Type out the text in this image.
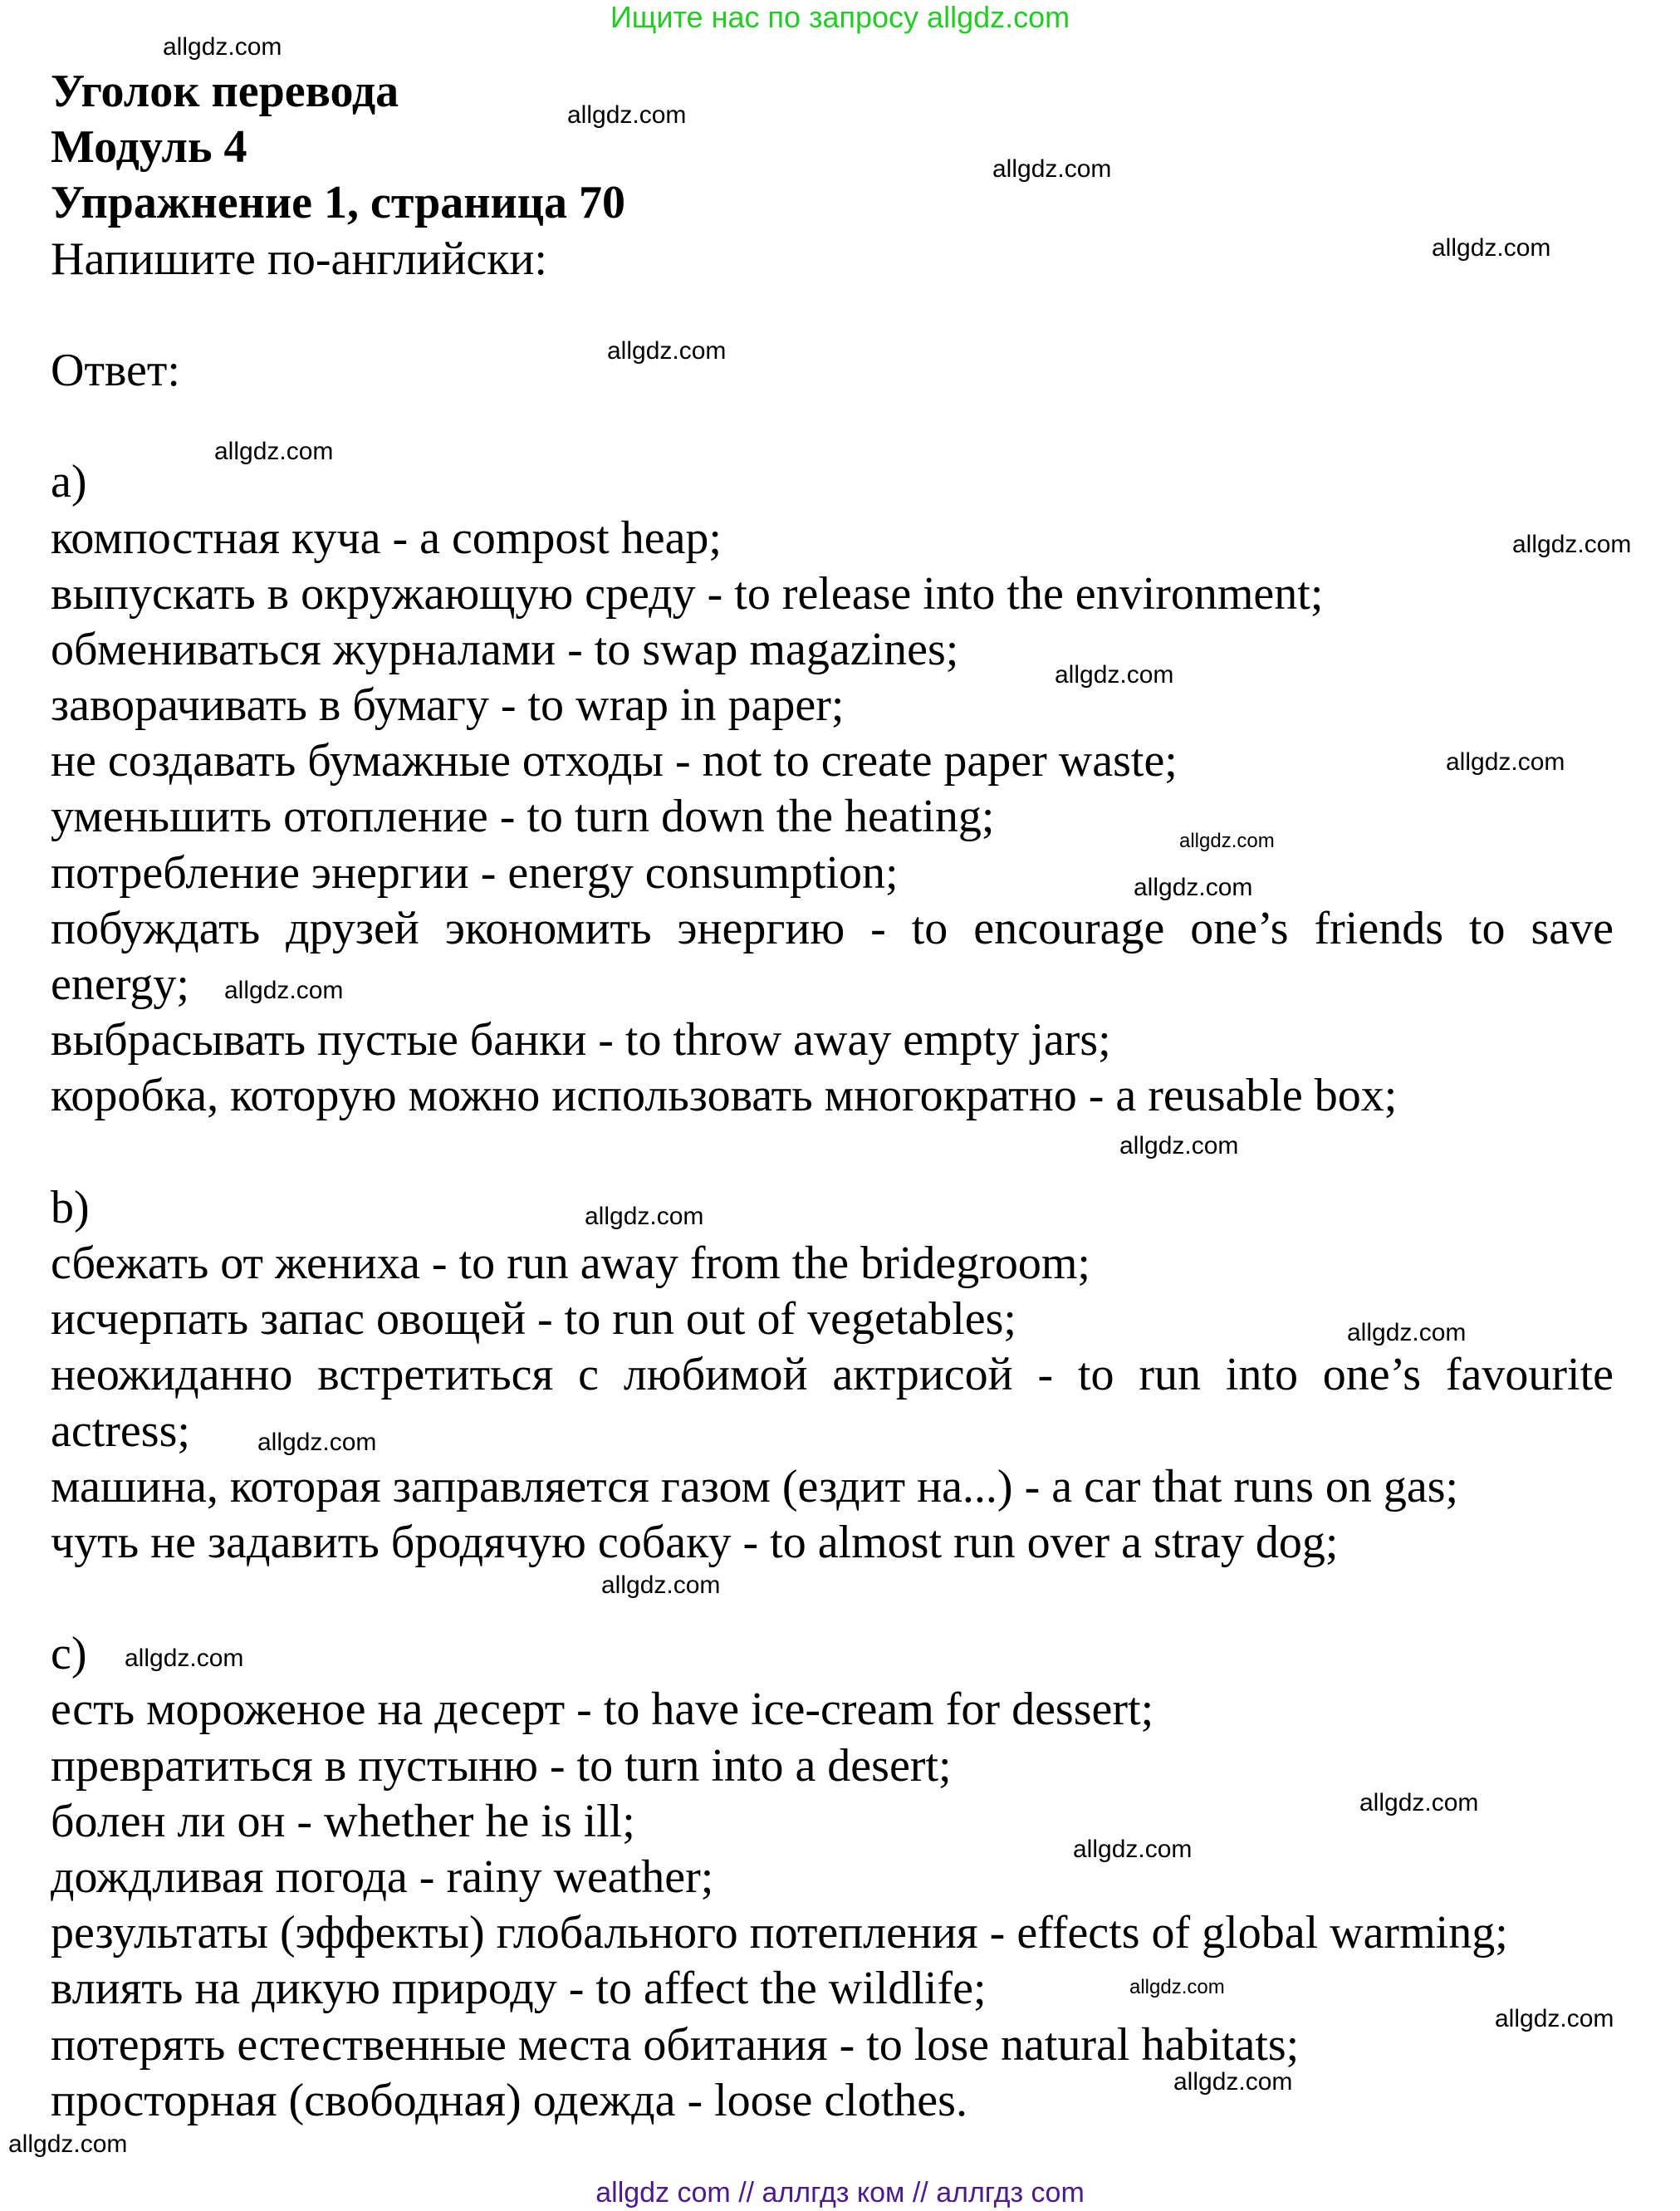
Ищите нас по запросу allgdz.com
Уголок перевода
Модуль 4
Упражнение 1, страница 70
Напишите по-английски:
Ответ:
a)
компостная куча - a compost heap;
выпускать в окружающую среду - to release into the environment;
обмениваться журналами - to swap magazines;
заворачивать в бумагу - to wrap in paper;
не создавать бумажные отходы - not to create paper waste;
уменьшить отопление - to turn down the heating;
потребление энергии - energy consumption;
побуждать друзей экономить энергию - to encourage one’s friends to save
energy;
выбрасывать пустые банки - to throw away empty jars;
коробка, которую можно использовать многократно - a reusable box;
b)
сбежать от жениха - to run away from the bridegroom;
исчерпать запас овощей - to run out of vegetables;
неожиданно встретиться с любимой актрисой - to run into one’s favourite
actress;
машина, которая заправляется газом (ездит на...) - a car that runs on gas;
чуть не задавить бродячую собаку - to almost run over a stray dog;
c)
есть мороженое на десерт - to have ice-cream for dessert;
превратиться в пустыню - to turn into a desert;
болен ли он - whether he is ill;
дождливая погода - rainy weather;
результаты (эффекты) глобального потепления - effects of global warming;
влиять на дикую природу - to affect the wildlife;
потерять естественные места обитания - to lose natural habitats;
просторная (свободная) одежда - loose clothes.
allgdz.com
allgdz.com
allgdz.com
allgdz.com
allgdz.com
allgdz.com
allgdz.com
allgdz.com
allgdz.com
allgdz.com
allgdz.com
allgdz.com
allgdz.com
allgdz.com
allgdz.com
allgdz.com
allgdz.com
allgdz.com
allgdz.com
allgdz.com
allgdz.com
allgdz.com
allgdz.com
allgdz.com
allgdz com // аллгдз ком // аллгдз com
